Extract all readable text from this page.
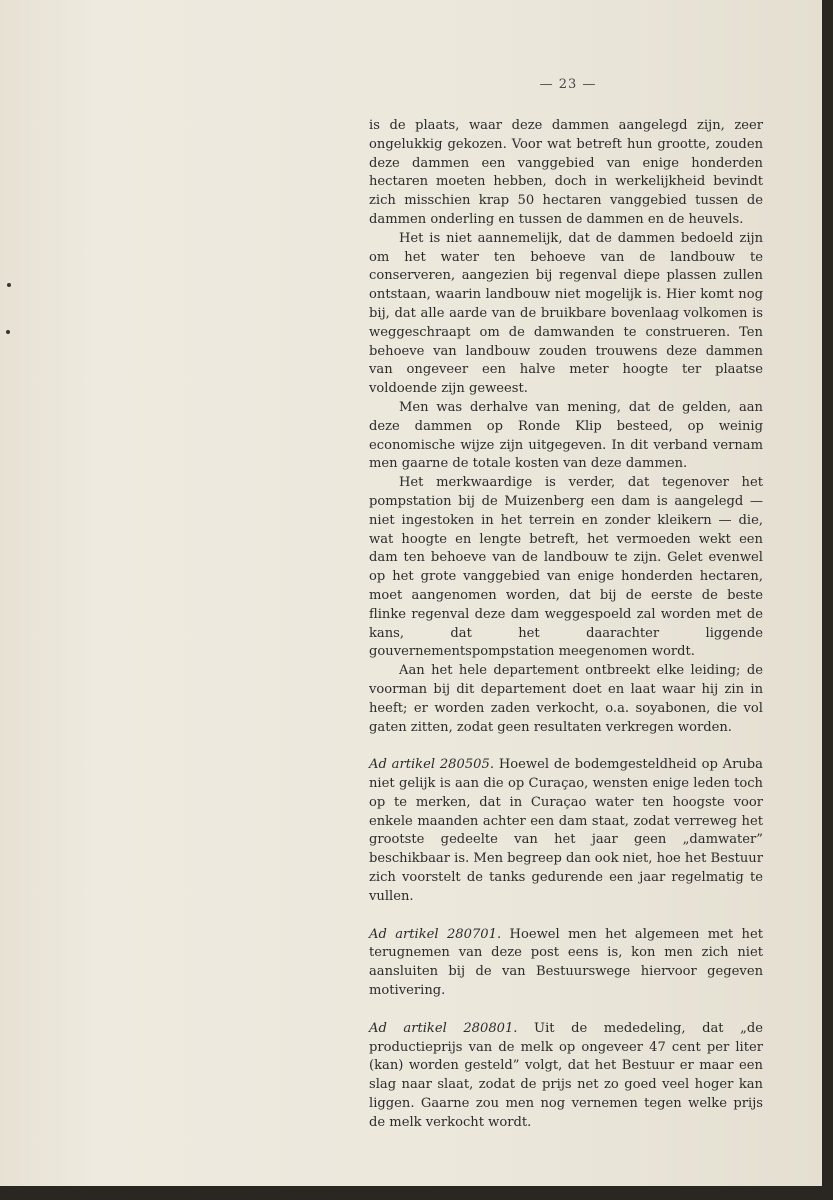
— 23 —

is de plaats, waar deze dammen aangelegd zijn, zeer ongelukkig gekozen. Voor wat betreft hun grootte, zouden deze dammen een vanggebied van enige honderden hectaren moeten hebben, doch in werkelijkheid bevindt zich misschien krap 50 hectaren vanggebied tussen de dammen onderling en tussen de dammen en de heuvels.

Het is niet aannemelijk, dat de dammen bedoeld zijn om het water ten behoeve van de landbouw te conserveren, aangezien bij regenval diepe plassen zullen ontstaan, waarin landbouw niet mogelijk is. Hier komt nog bij, dat alle aarde van de bruikbare bovenlaag volkomen is weggeschraapt om de damwanden te construeren. Ten behoeve van landbouw zouden trouwens deze dammen van ongeveer een halve meter hoogte ter plaatse voldoende zijn geweest.

Men was derhalve van mening, dat de gelden, aan deze dammen op Ronde Klip besteed, op weinig economische wijze zijn uitgegeven. In dit verband vernam men gaarne de totale kosten van deze dammen.

Het merkwaardige is verder, dat tegenover het pompstation bij de Muizenberg een dam is aangelegd — niet ingestoken in het terrein en zonder kleikern — die, wat hoogte en lengte betreft, het vermoeden wekt een dam ten behoeve van de landbouw te zijn. Gelet evenwel op het grote vanggebied van enige honderden hectaren, moet aangenomen worden, dat bij de eerste de beste flinke regenval deze dam weggespoeld zal worden met de kans, dat het daarachter liggende gouvernementspompstation meegenomen wordt.

Aan het hele departement ontbreekt elke leiding; de voorman bij dit departement doet en laat waar hij zin in heeft; er worden zaden verkocht, o.a. soyabonen, die vol gaten zitten, zodat geen resultaten verkregen worden.

Ad artikel 280505. Hoewel de bodemgesteldheid op Aruba niet gelijk is aan die op Curaçao, wensten enige leden toch op te merken, dat in Curaçao water ten hoogste voor enkele maanden achter een dam staat, zodat verreweg het grootste gedeelte van het jaar geen „damwater” beschikbaar is. Men begreep dan ook niet, hoe het Bestuur zich voorstelt de tanks gedurende een jaar regelmatig te vullen.

Ad artikel 280701. Hoewel men het algemeen met het terugnemen van deze post eens is, kon men zich niet aansluiten bij de van Bestuurswege hiervoor gegeven motivering.

Ad artikel 280801. Uit de mededeling, dat „de productieprijs van de melk op ongeveer 47 cent per liter (kan) worden gesteld” volgt, dat het Bestuur er maar een slag naar slaat, zodat de prijs net zo goed veel hoger kan liggen. Gaarne zou men nog vernemen tegen welke prijs de melk verkocht wordt.
